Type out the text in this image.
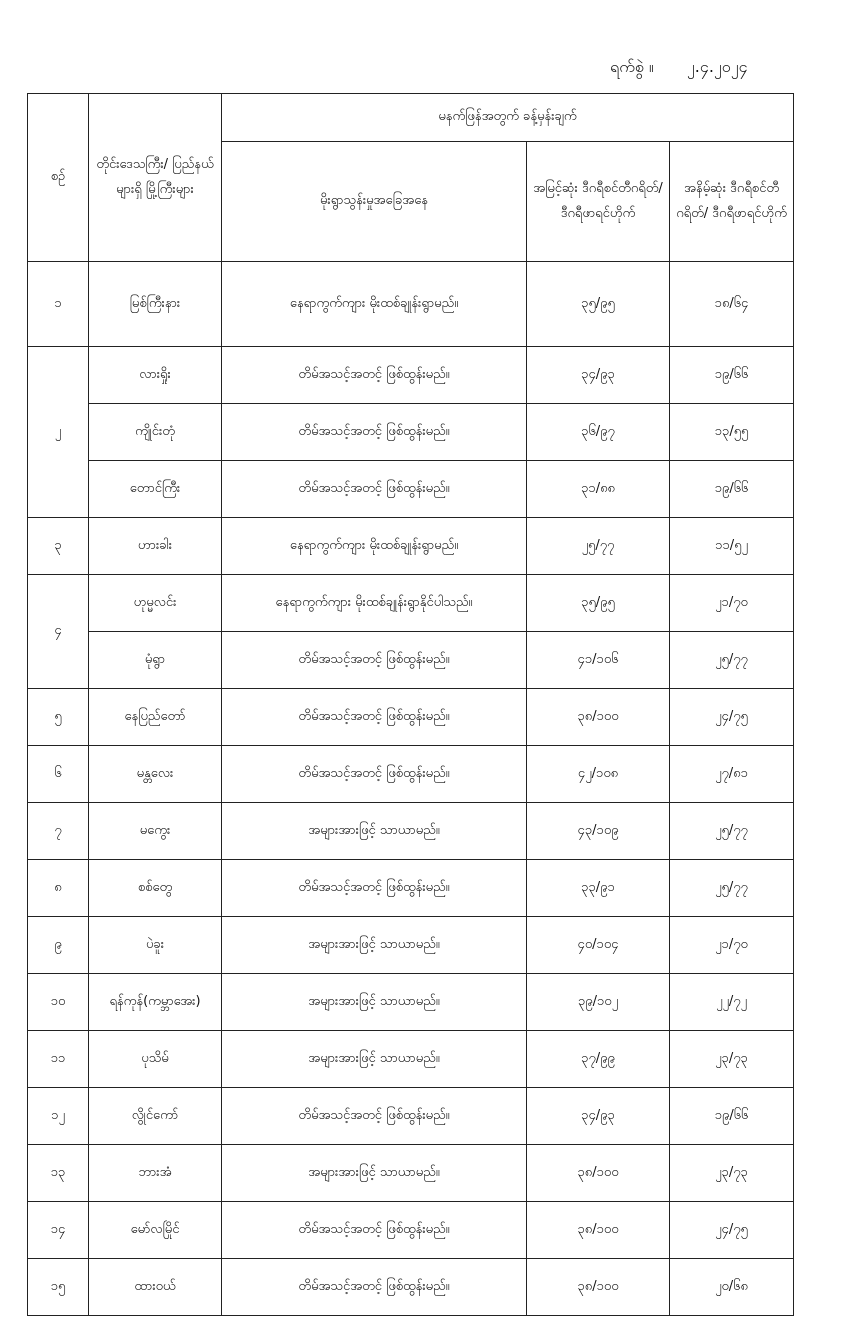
ရက်စွဲ ။ ၂.၄.၂၀၂၄
စဉ်	တိုင်းဒေသကြီး/ ပြည်နယ်များရှိ မြို့ကြီးများ	မနက်ဖြန်အတွက် ခန့်မှန်းချက်		
		မိုးရွာသွန်းမှုအခြေအနေ	အမြင့်ဆုံး ဒီဂရီစင်တီဂရိတ်/ ဒီဂရီဖာရင်ဟိုက်	အနိမ့်ဆုံး ဒီဂရီစင်တီဂရိတ်/ ဒီဂရီဖာရင်ဟိုက်
၁	မြစ်ကြီးနား	နေရာကွက်ကျား မိုးထစ်ချုန်းရွာမည်။	၃၅/၉၅	၁၈/၆၄
၂	လားရှိုး	တိမ်အသင့်အတင့် ဖြစ်ထွန်းမည်။	၃၄/၉၃	၁၉/၆၆
	ကျိုင်းတုံ	တိမ်အသင့်အတင့် ဖြစ်ထွန်းမည်။	၃၆/၉၇	၁၃/၅၅
	တောင်ကြီး	တိမ်အသင့်အတင့် ဖြစ်ထွန်းမည်။	၃၁/၈၈	၁၉/၆၆
၃	ဟားခါး	နေရာကွက်ကျား မိုးထစ်ချုန်းရွာမည်။	၂၅/၇၇	၁၁/၅၂
၄	ဟုမ္မလင်း	နေရာကွက်ကျား မိုးထစ်ချုန်းရွာနိုင်ပါသည်။	၃၅/၉၅	၂၁/၇၀
	မုံရွာ	တိမ်အသင့်အတင့် ဖြစ်ထွန်းမည်။	၄၁/၁၀၆	၂၅/၇၇
၅	နေပြည်တော်	တိမ်အသင့်အတင့် ဖြစ်ထွန်းမည်။	၃၈/၁၀၀	၂၄/၇၅
၆	မန္တလေး	တိမ်အသင့်အတင့် ဖြစ်ထွန်းမည်။	၄၂/၁၀၈	၂၇/၈၁
၇	မကွေး	အများအားဖြင့် သာယာမည်။	၄၃/၁၀၉	၂၅/၇၇
၈	စစ်တွေ	တိမ်အသင့်အတင့် ဖြစ်ထွန်းမည်။	၃၃/၉၁	၂၅/၇၇
၉	ပဲခူး	အများအားဖြင့် သာယာမည်။	၄၀/၁၀၄	၂၁/၇၀
၁၀	ရန်ကုန်(ကမ္ဘာအေး)	အများအားဖြင့် သာယာမည်။	၃၉/၁၀၂	၂၂/၇၂
၁၁	ပုသိမ်	အများအားဖြင့် သာယာမည်။	၃၇/၉၉	၂၃/၇၃
၁၂	လွိုင်ကော်	တိမ်အသင့်အတင့် ဖြစ်ထွန်းမည်။	၃၄/၉၃	၁၉/၆၆
၁၃	ဘားအံ	အများအားဖြင့် သာယာမည်။	၃၈/၁၀၀	၂၃/၇၃
၁၄	မော်လမြိုင်	တိမ်အသင့်အတင့် ဖြစ်ထွန်းမည်။	၃၈/၁၀၀	၂၄/၇၅
၁၅	ထားဝယ်	တိမ်အသင့်အတင့် ဖြစ်ထွန်းမည်။	၃၈/၁၀၀	၂၀/၆၈
